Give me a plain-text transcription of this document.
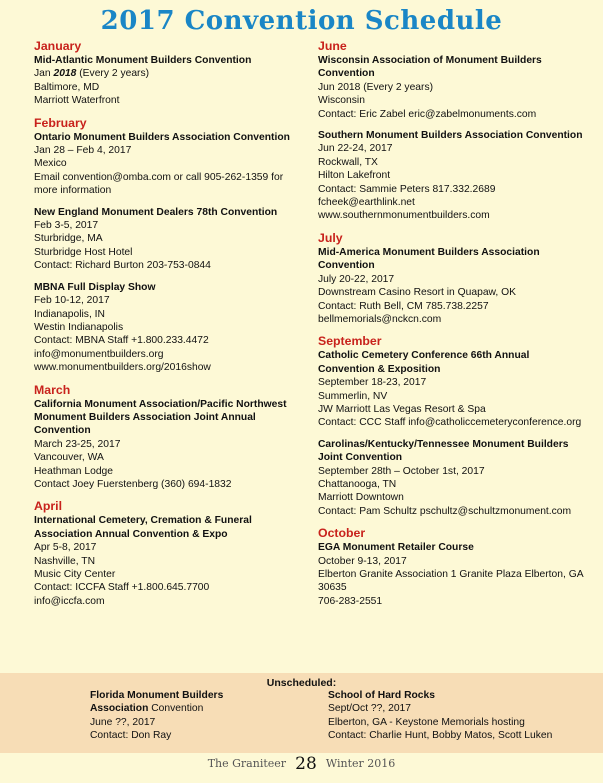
2017 Convention Schedule
January
Mid-Atlantic Monument Builders Convention
Jan 2018 (Every 2 years)
Baltimore, MD
Marriott Waterfront
February
Ontario Monument Builders Association Convention
Jan 28 – Feb 4, 2017
Mexico
Email convention@omba.com or call 905-262-1359 for more information
New England Monument Dealers 78th Convention
Feb 3-5, 2017
Sturbridge, MA
Sturbridge Host Hotel
Contact: Richard Burton 203-753-0844
MBNA Full Display Show
Feb 10-12, 2017
Indianapolis, IN
Westin Indianapolis
Contact: MBNA Staff +1.800.233.4472
info@monumentbuilders.org
www.monumentbuilders.org/2016show
March
California Monument Association/Pacific Northwest Monument Builders Association Joint Annual Convention
March 23-25, 2017
Vancouver, WA
Heathman Lodge
Contact Joey Fuerstenberg (360) 694-1832
April
International Cemetery, Cremation & Funeral Association Annual Convention & Expo
Apr 5-8, 2017
Nashville, TN
Music City Center
Contact: ICCFA Staff +1.800.645.7700
info@iccfa.com
June
Wisconsin Association of Monument Builders Convention
Jun 2018 (Every 2 years)
Wisconsin
Contact: Eric Zabel eric@zabelmonuments.com
Southern Monument Builders Association Convention
Jun 22-24, 2017
Rockwall, TX
Hilton Lakefront
Contact: Sammie Peters 817.332.2689 fcheek@earthlink.net www.southernmonumentbuilders.com
July
Mid-America Monument Builders Association Convention
July 20-22, 2017
Downstream Casino Resort in Quapaw, OK
Contact: Ruth Bell, CM 785.738.2257
bellmemorials@nckcn.com
September
Catholic Cemetery Conference 66th Annual Convention & Exposition
September 18-23, 2017
Summerlin, NV
JW Marriott Las Vegas Resort & Spa
Contact: CCC Staff info@catholiccemeteryconference.org
Carolinas/Kentucky/Tennessee Monument Builders Joint Convention
September 28th – October 1st, 2017
Chattanooga, TN
Marriott Downtown
Contact: Pam Schultz pschultz@schultzmonument.com
October
EGA Monument Retailer Course
October 9-13, 2017
Elberton Granite Association 1 Granite Plaza Elberton, GA 30635
706-283-2551
Unscheduled:
Florida Monument Builders
Association Convention
June ??, 2017
Contact: Don Ray
School of Hard Rocks
Sept/Oct ??, 2017
Elberton, GA - Keystone Memorials hosting
Contact: Charlie Hunt, Bobby Matos, Scott Luken
The Graniteer 28 Winter 2016
